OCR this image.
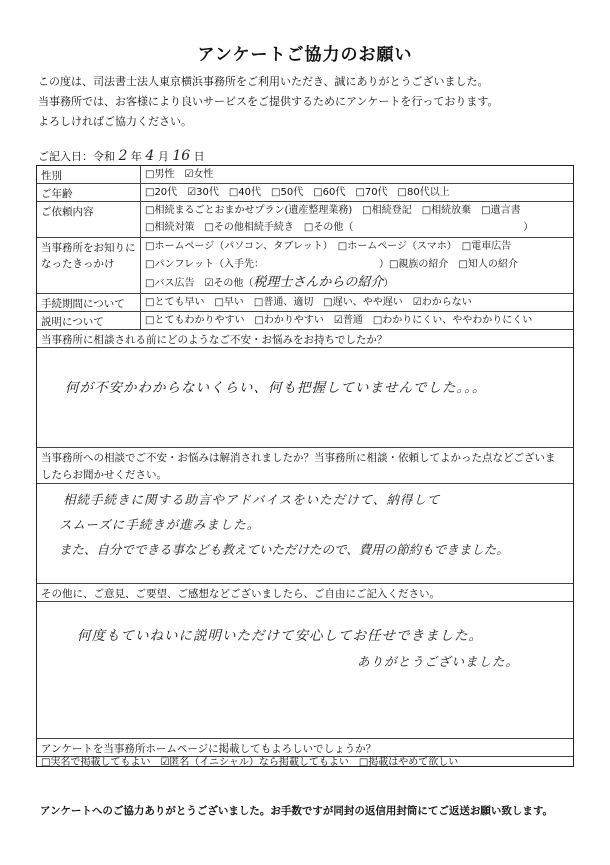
アンケートご協力のお願い
この度は、司法書士法人東京横浜事務所をご利用いただき、誠にありがとうございました。
当事務所では、お客様により良いサービスをご提供するためにアンケートを行っております。
よろしければご協力ください。
ご記入日：令和 2 年 4 月 16 日
性別	□男性　☑女性
ご年齢	□20代　☑30代　□40代　□50代　□60代　□70代　□80代以上
ご依頼内容	□相続まるごとおまかせプラン(遺産整理業務)　□相続登記　□相続放棄　□遺言書
□相続対策　□その他相続手続き　□その他（　　　　　　　　　　　　　　　　　）
当事務所をお知りになったきっかけ
□ホームページ（パソコン、タブレット）　□ホームページ（スマホ）　□電車広告
□パンフレット（入手先：　　　　　　　　　　　　）□親族の紹介　□知人の紹介
□バス広告　☑その他（税理士さんからの紹介）
手続期間について	□とても早い　□早い　□普通、適切　□遅い、やや遅い　☑わからない
説明について	□とてもわかりやすい　□わかりやすい　☑普通　□わかりにくい、ややわかりにくい
当事務所に相談される前にどのようなご不安・お悩みをお持ちでしたか？
何が不安かわからないくらい、何も把握していませんでした。。。
当事務所への相談でご不安・お悩みは解消されましたか？当事務所に相談・依頼してよかった点などございま
したらお聞かせください。
相続手続きに関する助言やアドバイスをいただけて、納得して
スムーズに手続きが進みました。
また、自分でできる事なども教えていただけたので、費用の節約もできました。
その他に、ご意見、ご要望、ご感想などございましたら、ご自由にご記入ください。
何度もていねいに説明いただけて安心してお任せできました。
ありがとうございました。
アンケートを当事務所ホームページに掲載してもよろしいでしょうか？
□実名で掲載してもよい　☑匿名（イニシャル）なら掲載してもよい　□掲載はやめて欲しい
アンケートへのご協力ありがとうございました。お手数ですが同封の返信用封筒にてご返送お願い致します。
